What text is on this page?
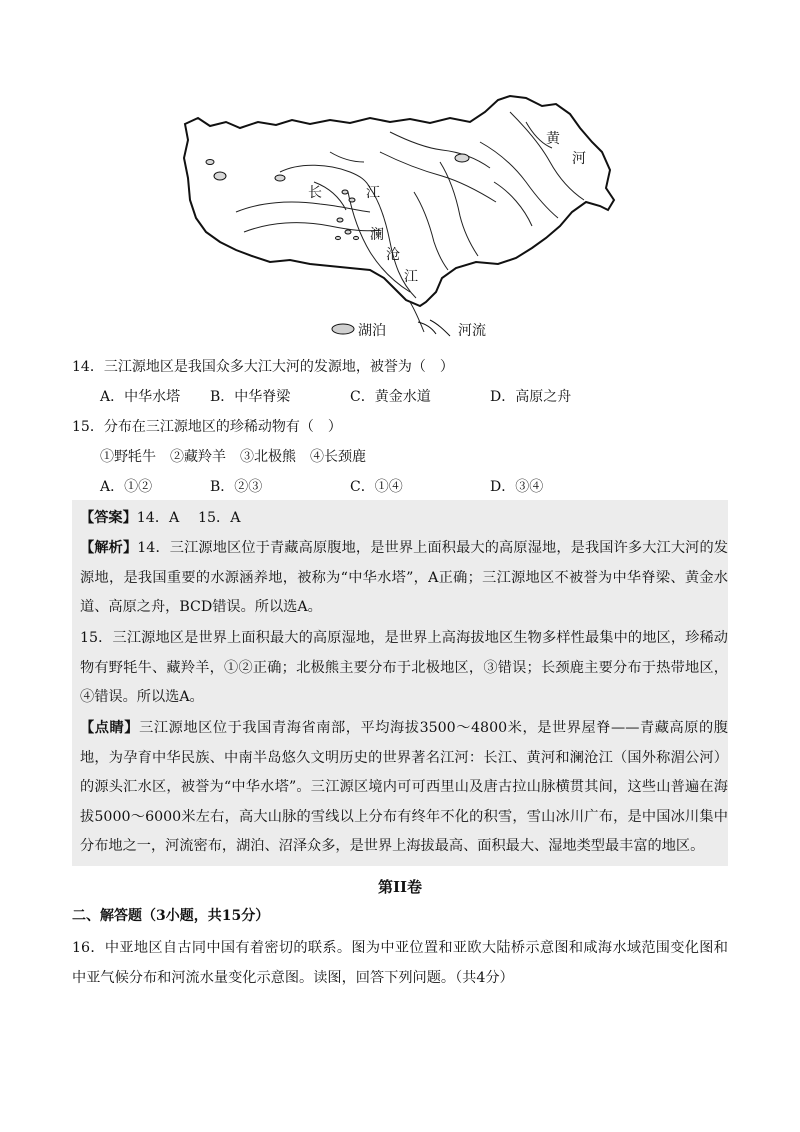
黄
河
长	江
澜
沧
江
湖泊	河流
14．三江源地区是我国众多大江大河的发源地，被誉为（　）
A．中华水塔 B．中华脊梁	C．黄金水道	D．高原之舟
15．分布在三江源地区的珍稀动物有（　）
①野牦牛　②藏羚羊　③北极熊　④长颈鹿
A．①②	B．②③	C．①④	D．③④
【答案】14．A　 15．A
【解析】14．三江源地区位于青藏高原腹地，是世界上面积最大的高原湿地，是我国许多大江大河的发源地，是我国重要的水源涵养地，被称为“中华水塔”，A正确；三江源地区不被誉为中华脊梁、黄金水道、高原之舟，BCD错误。所以选A。
15．三江源地区是世界上面积最大的高原湿地，是世界上高海拔地区生物多样性最集中的地区，珍稀动物有野牦牛、藏羚羊，①②正确；北极熊主要分布于北极地区，③错误；长颈鹿主要分布于热带地区，④错误。所以选A。
【点睛】三江源地区位于我国青海省南部，平均海拔3500～4800米，是世界屋脊——青藏高原的腹地，为孕育中华民族、中南半岛悠久文明历史的世界著名江河：长江、黄河和澜沧江（国外称湄公河）的源头汇水区，被誉为“中华水塔”。三江源区境内可可西里山及唐古拉山脉横贯其间，这些山普遍在海拔5000～6000米左右，高大山脉的雪线以上分布有终年不化的积雪，雪山冰川广布，是中国冰川集中分布地之一，河流密布，湖泊、沼泽众多，是世界上海拔最高、面积最大、湿地类型最丰富的地区。
第II卷
二、解答题（3小题，共15分）
16．中亚地区自古同中国有着密切的联系。图为中亚位置和亚欧大陆桥示意图和咸海水域范围变化图和中亚气候分布和河流水量变化示意图。读图，回答下列问题。（共4分）
